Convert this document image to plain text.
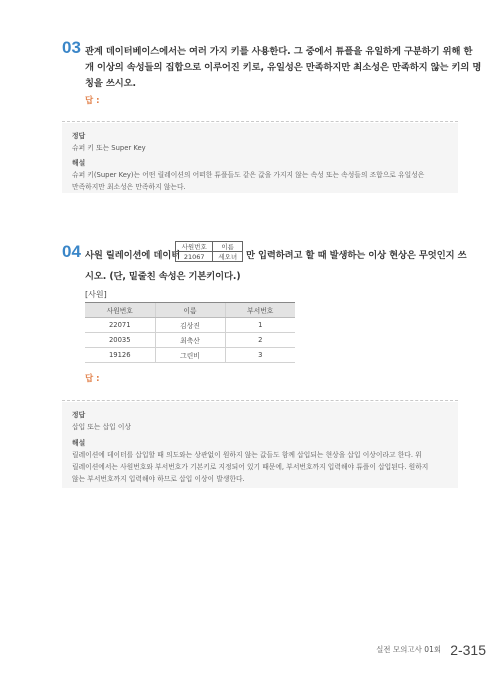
03 관계 데이터베이스에서는 여러 가지 키를 사용한다. 그 중에서 튜플을 유일하게 구분하기 위해 한
개 이상의 속성들의 집합으로 이루어진 키로, 유일성은 만족하지만 최소성은 만족하지 않는 키의 명
칭을 쓰시오.
답 :
정답
슈퍼 키 또는 Super Key
해설
슈퍼 키(Super Key)는 어떤 릴레이션의 어떠한 튜플들도 같은 값을 가지지 않는 속성 또는 속성들의 조합으로 유일성은
만족하지만 최소성은 만족하지 않는다.
04 사원 릴레이션에 데이터
사원번호	이름
21067	세오녀 만 입력하려고 할 때 발생하는 이상 현상은 무엇인지 쓰
시오. (단, 밑줄친 속성은 기본키이다.)
[사원]
사원번호	이름	부서번호
22071	김상진	1
20035	최축산	2
19126	그린비	3
답 :
정답
삽입 또는 삽입 이상
해설
릴레이션에 데이터를 삽입할 때 의도와는 상관없이 원하지 않는 값들도 함께 삽입되는 현상을 삽입 이상이라고 한다. 위
릴레이션에서는 사원번호와 부서번호가 기본키로 지정되어 있기 때문에, 부서번호까지 입력해야 튜플이 삽입된다. 원하지
않는 부서번호까지 입력해야 하므로 삽입 이상이 발생한다.
실전 모의고사 01회 2-315
